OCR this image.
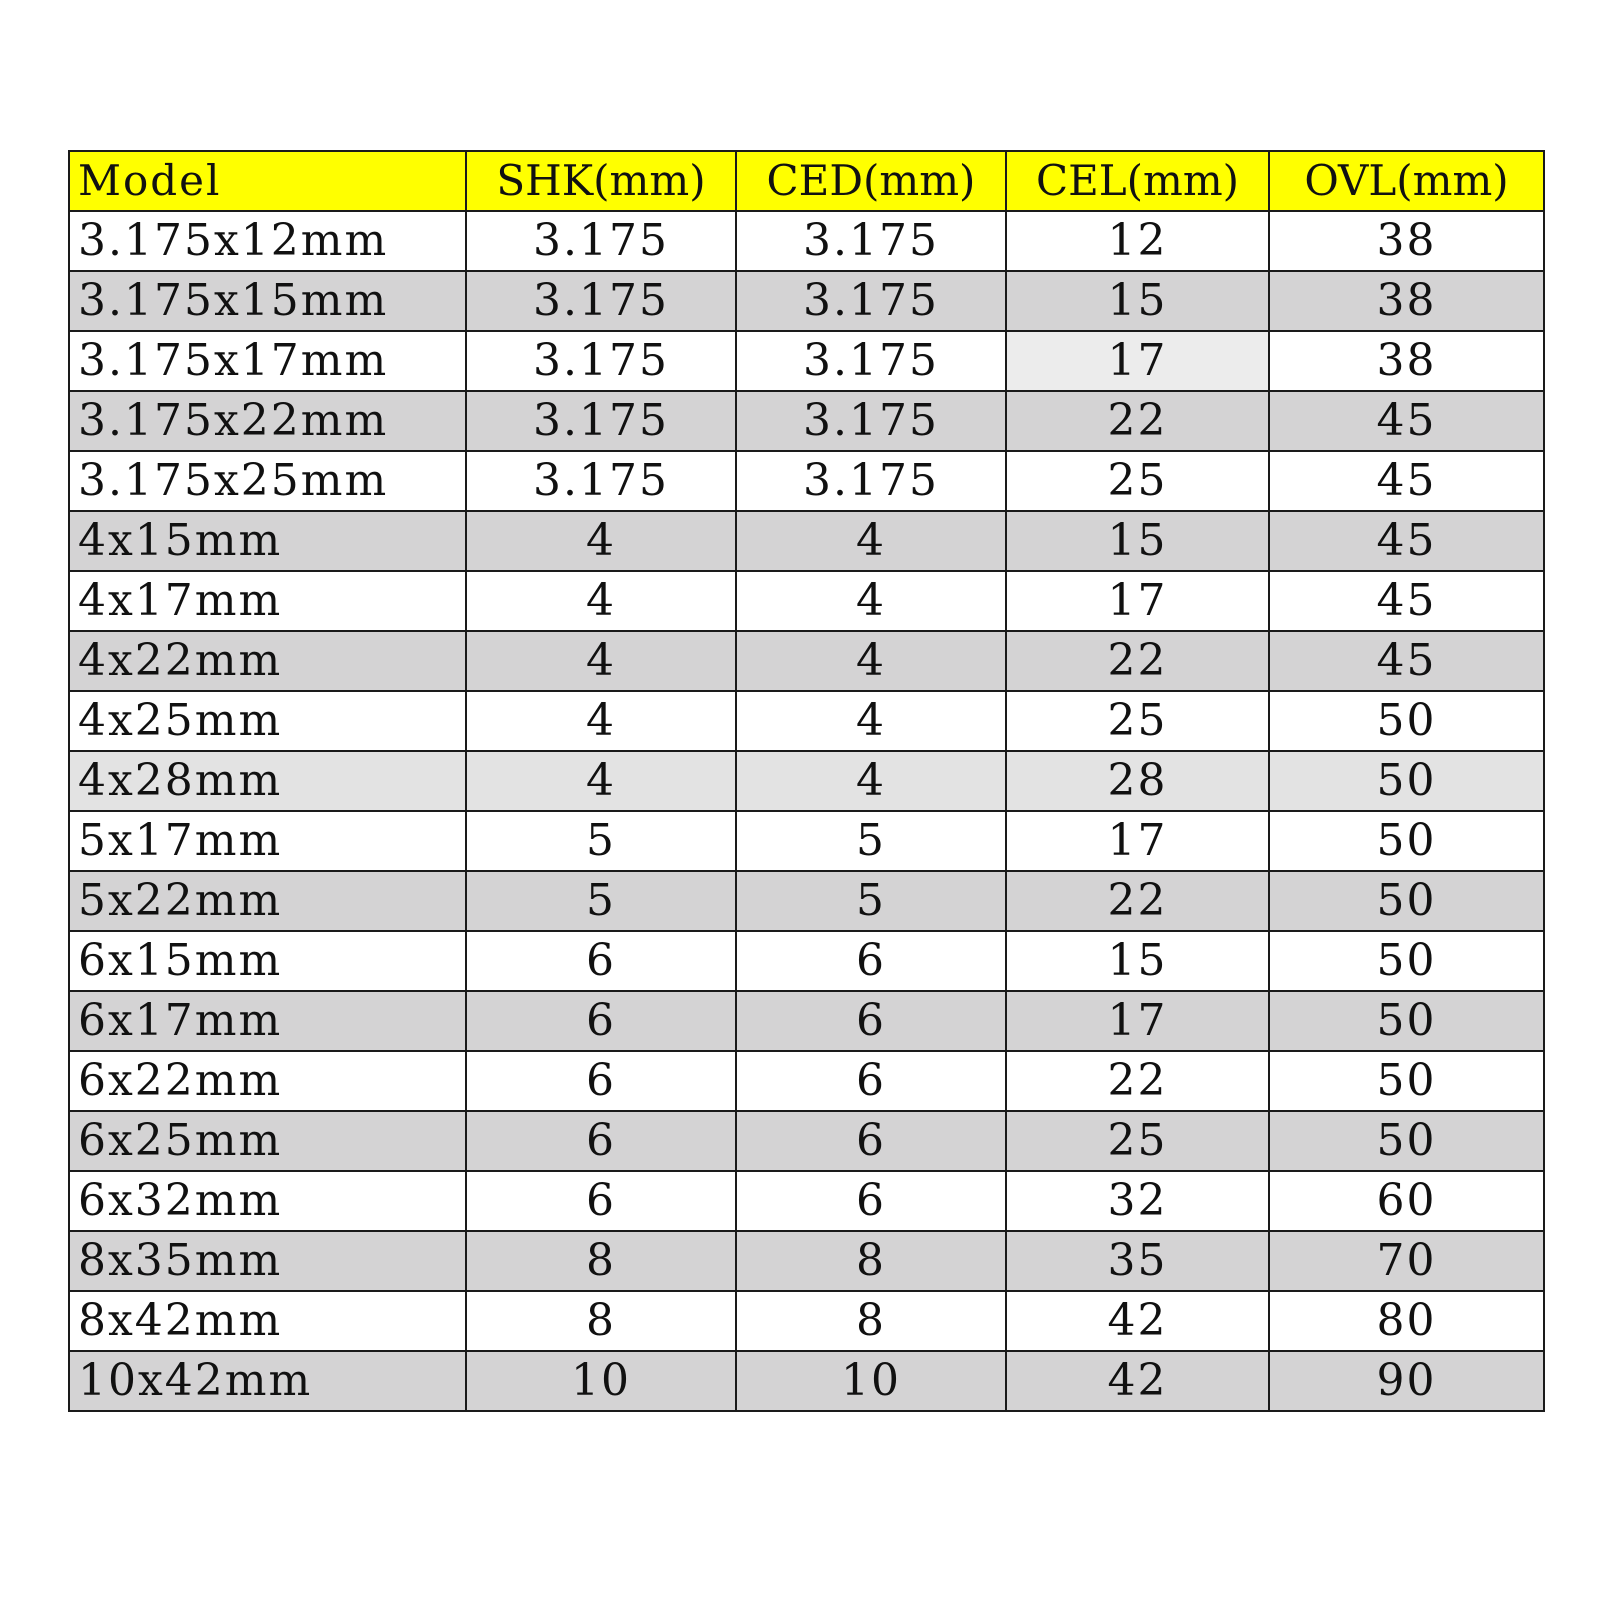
Model	SHK(mm)	CED(mm)	CEL(mm)	OVL(mm)
3.175x12mm	3.175	3.175	12	38
3.175x15mm	3.175	3.175	15	38
3.175x17mm	3.175	3.175	17	38
3.175x22mm	3.175	3.175	22	45
3.175x25mm	3.175	3.175	25	45
4x15mm	4	4	15	45
4x17mm	4	4	17	45
4x22mm	4	4	22	45
4x25mm	4	4	25	50
4x28mm	4	4	28	50
5x17mm	5	5	17	50
5x22mm	5	5	22	50
6x15mm	6	6	15	50
6x17mm	6	6	17	50
6x22mm	6	6	22	50
6x25mm	6	6	25	50
6x32mm	6	6	32	60
8x35mm	8	8	35	70
8x42mm	8	8	42	80
10x42mm	10	10	42	90
